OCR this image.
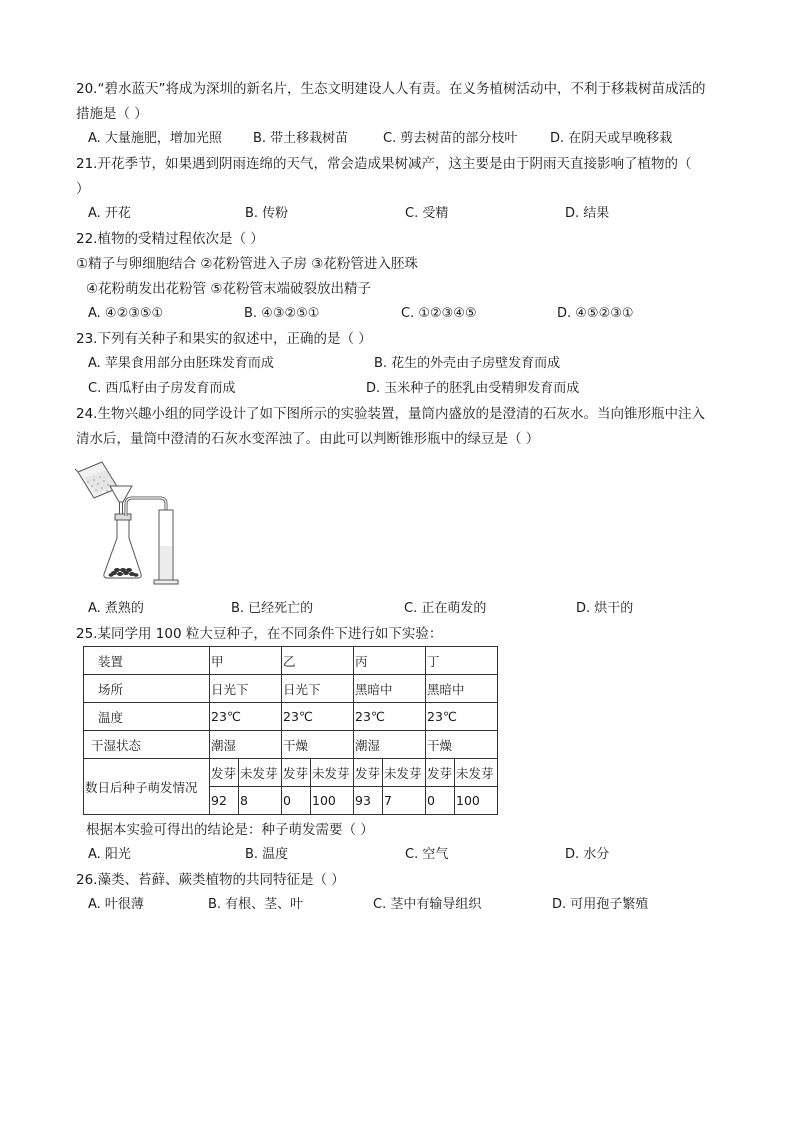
20.“碧水蓝天”将成为深圳的新名片，生态文明建设人人有责。在义务植树活动中，不利于移栽树苗成活的
措施是（ ）
A. 大量施肥，增加光照 B. 带土移栽树苗	C. 剪去树苗的部分枝叶	D. 在阴天或早晚移栽
21.开花季节，如果遇到阴雨连绵的天气，常会造成果树减产，这主要是由于阴雨天直接影响了植物的（
）
A. 开花	B. 传粉	C. 受精	D. 结果
22.植物的受精过程依次是（ ）
①精子与卵细胞结合 ②花粉管进入子房 ③花粉管进入胚珠
④花粉萌发出花粉管 ⑤花粉管末端破裂放出精子
A. ④②③⑤①	B. ④③②⑤①	C. ①②③④⑤	D. ④⑤②③①
23.下列有关种子和果实的叙述中，正确的是（ ）
A. 苹果食用部分由胚珠发育而成	B. 花生的外壳由子房壁发育而成
C. 西瓜籽由子房发育而成	D. 玉米种子的胚乳由受精卵发育而成
24.生物兴趣小组的同学设计了如下图所示的实验装置，量筒内盛放的是澄清的石灰水。当向锥形瓶中注入
清水后，量筒中澄清的石灰水变浑浊了。由此可以判断锥形瓶中的绿豆是（ ）
A. 煮熟的	B. 已经死亡的	C. 正在萌发的	D. 烘干的
25.某同学用 100 粒大豆种子，在不同条件下进行如下实验：
装置	甲		乙		丙		丁	
场所	日光下		日光下		黑暗中		黑暗中	
温度	23℃		23℃		23℃		23℃	
干湿状态	潮湿		干燥		潮湿		干燥	
数日后种子萌发情况	发芽	未发芽	发芽	未发芽	发芽	未发芽	发芽	未发芽
	92	8	0	100	93	7	0	100
根据本实验可得出的结论是：种子萌发需要（ ）
A. 阳光	B. 温度	C. 空气	D. 水分
26.藻类、苔藓、蕨类植物的共同特征是（ ）
A. 叶很薄	B. 有根、茎、叶	C. 茎中有输导组织	D. 可用孢子繁殖
